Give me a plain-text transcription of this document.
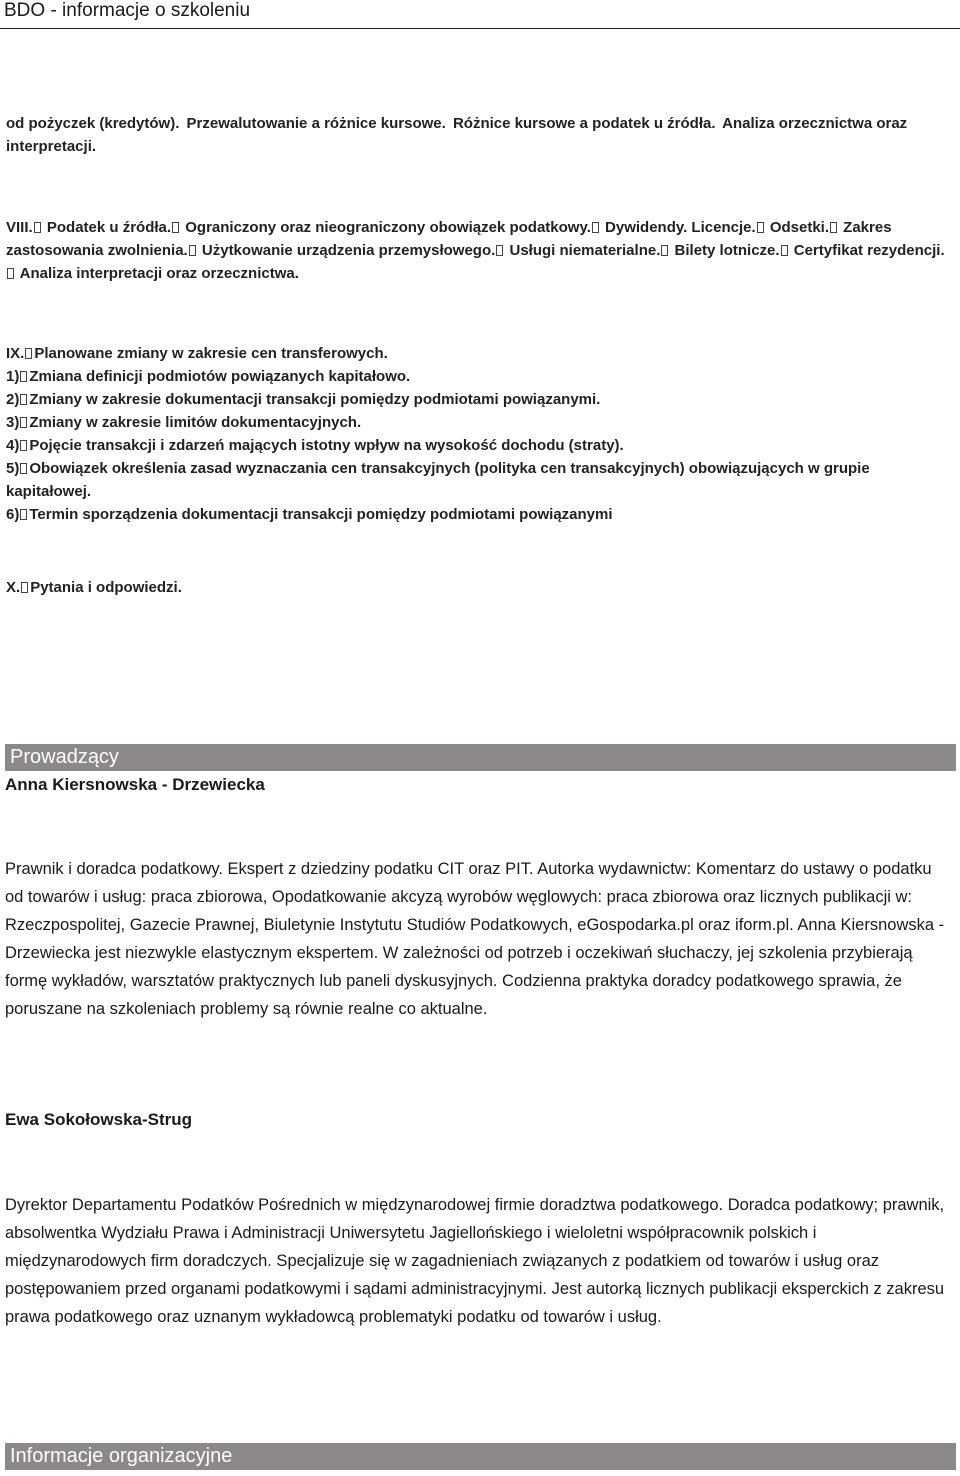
BDO - informacje o szkoleniu

od pożyczek (kredytów).  Przewalutowanie a różnice kursowe.  Różnice kursowe a podatek u źródła.  Analiza orzecznictwa oraz interpretacji.

VIII. Podatek u źródła. Ograniczony oraz nieograniczony obowiązek podatkowy. Dywidendy. Licencje. Odsetki. Zakres zastosowania zwolnienia. Użytkowanie urządzenia przemysłowego. Usługi niematerialne. Bilety lotnicze. Certyfikat rezydencji. Analiza interpretacji oraz orzecznictwa.

IX. Planowane zmiany w zakresie cen transferowych.

1) Zmiana definicji podmiotów powiązanych kapitałowo.

2) Zmiany w zakresie dokumentacji transakcji pomiędzy podmiotami powiązanymi.

3) Zmiany w zakresie limitów dokumentacyjnych.

4) Pojęcie transakcji i zdarzeń mających istotny wpływ na wysokość dochodu (straty).

5) Obowiązek określenia zasad wyznaczania cen transakcyjnych (polityka cen transakcyjnych) obowiązujących w grupie kapitałowej.

6) Termin sporządzenia dokumentacji transakcji pomiędzy podmiotami powiązanymi

X. Pytania i odpowiedzi.

Prowadzący
Anna Kiersnowska - Drzewiecka
Prawnik i doradca podatkowy. Ekspert z dziedziny podatku CIT oraz PIT. Autorka wydawnictw: Komentarz do ustawy o podatku od towarów i usług: praca zbiorowa, Opodatkowanie akcyzą wyrobów węglowych: praca zbiorowa oraz licznych publikacji w: Rzeczpospolitej, Gazecie Prawnej, Biuletynie Instytutu Studiów Podatkowych, eGospodarka.pl oraz iform.pl. Anna Kiersnowska - Drzewiecka jest niezwykle elastycznym ekspertem. W zależności od potrzeb i oczekiwań słuchaczy, jej szkolenia przybierają formę wykładów, warsztatów praktycznych lub paneli dyskusyjnych. Codzienna praktyka doradcy podatkowego sprawia, że poruszane na szkoleniach problemy są równie realne co aktualne.
Ewa Sokołowska-Strug
Dyrektor Departamentu Podatków Pośrednich w międzynarodowej firmie doradztwa podatkowego. Doradca podatkowy; prawnik, absolwentka Wydziału Prawa i Administracji Uniwersytetu Jagiellońskiego i wieloletni współpracownik polskich i międzynarodowych firm doradczych. Specjalizuje się w zagadnieniach związanych z podatkiem od towarów i usług oraz postępowaniem przed organami podatkowymi i sądami administracyjnymi. Jest autorką licznych publikacji eksperckich z zakresu prawa podatkowego oraz uznanym wykładowcą problematyki podatku od towarów i usług.
Informacje organizacyjne
